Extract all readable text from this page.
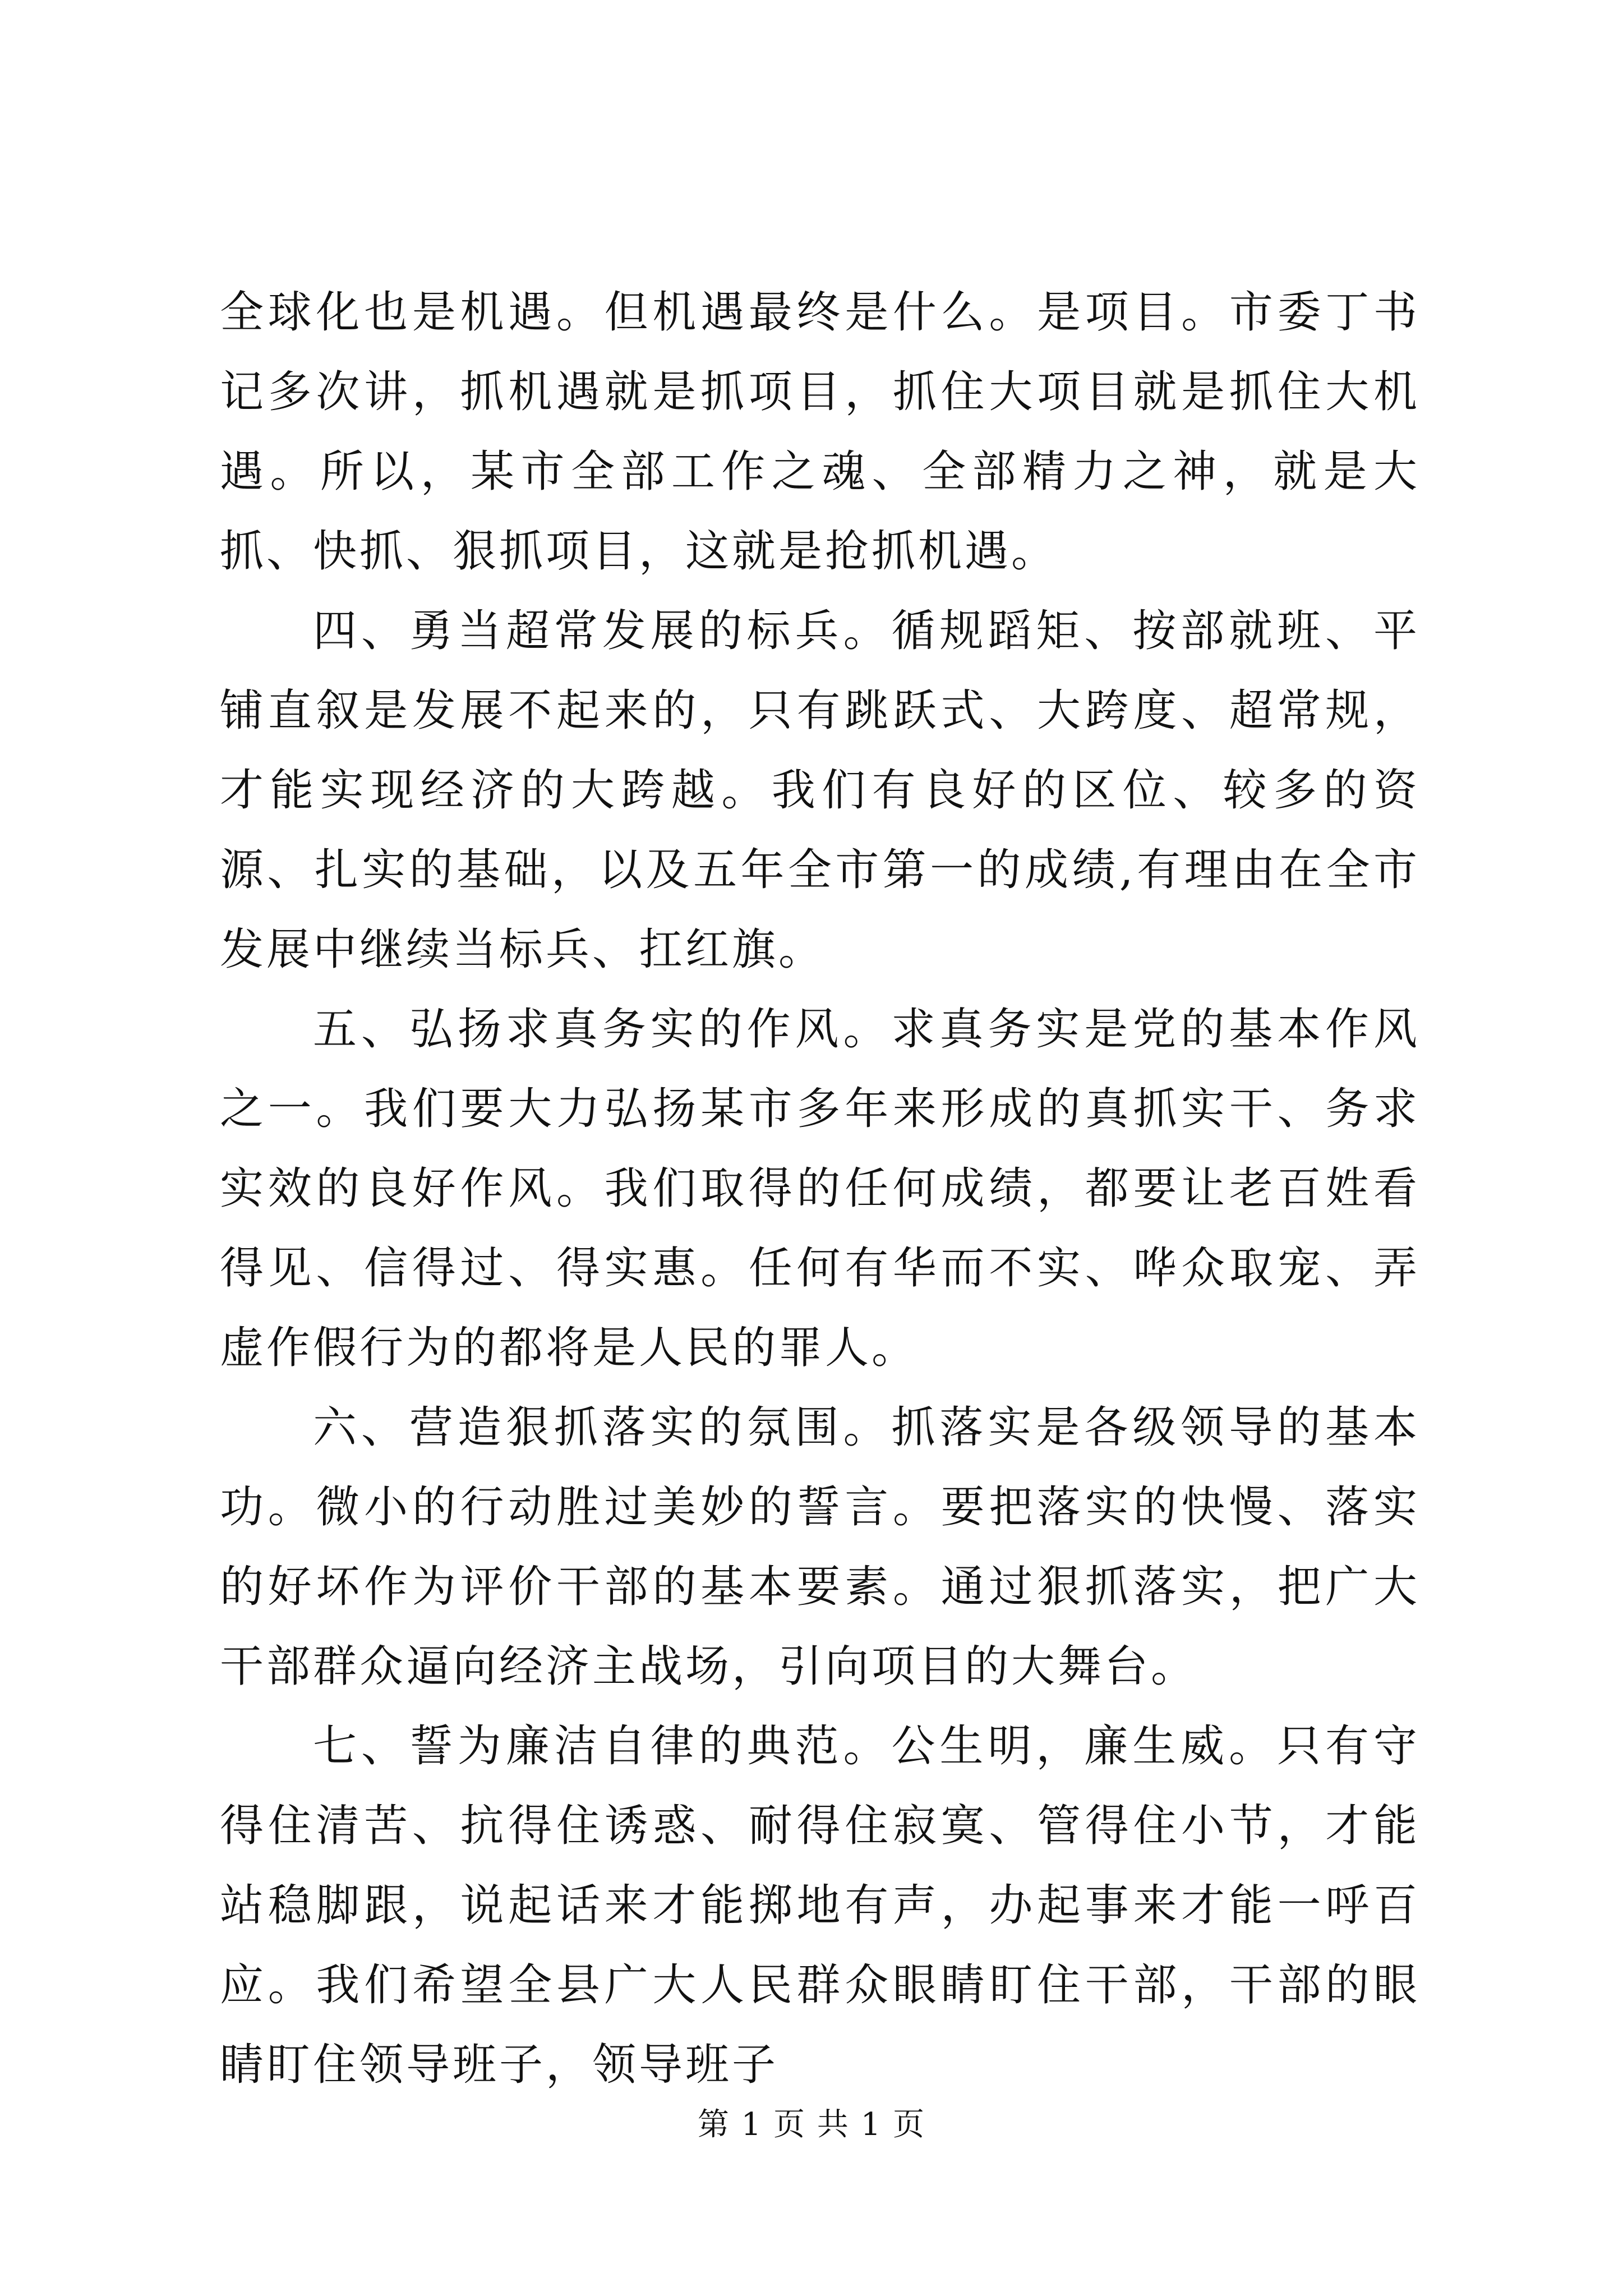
全球化也是机遇。但机遇最终是什么。是项目。市委丁书记多次讲，抓机遇就是抓项目，抓住大项目就是抓住大机遇。所以，某市全部工作之魂、全部精力之神，就是大抓、快抓、狠抓项目，这就是抢抓机遇。

四、勇当超常发展的标兵。循规蹈矩、按部就班、平铺直叙是发展不起来的，只有跳跃式、大跨度、超常规，才能实现经济的大跨越。我们有良好的区位、较多的资源、扎实的基础，以及五年全市第一的成绩,有理由在全市发展中继续当标兵、扛红旗。

五、弘扬求真务实的作风。求真务实是党的基本作风之一。我们要大力弘扬某市多年来形成的真抓实干、务求实效的良好作风。我们取得的任何成绩，都要让老百姓看得见、信得过、得实惠。任何有华而不实、哗众取宠、弄虚作假行为的都将是人民的罪人。

六、营造狠抓落实的氛围。抓落实是各级领导的基本功。微小的行动胜过美妙的誓言。要把落实的快慢、落实的好坏作为评价干部的基本要素。通过狠抓落实，把广大干部群众逼向经济主战场，引向项目的大舞台。

七、誓为廉洁自律的典范。公生明，廉生威。只有守得住清苦、抗得住诱惑、耐得住寂寞、管得住小节，才能站稳脚跟，说起话来才能掷地有声，办起事来才能一呼百应。我们希望全县广大人民群众眼睛盯住干部，干部的眼睛盯住领导班子，领导班子

第 1 页 共 1 页
